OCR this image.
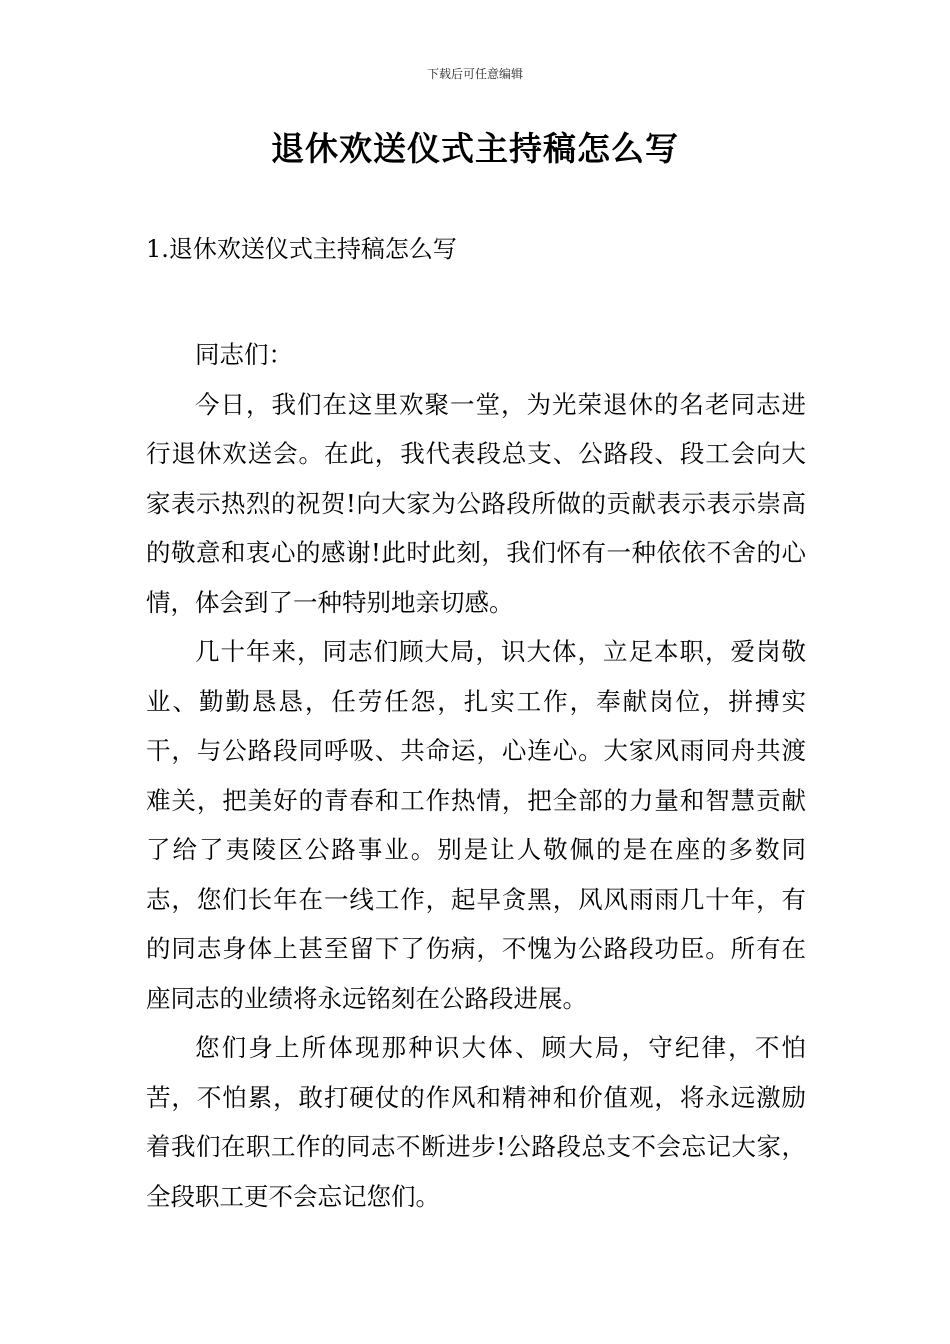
下载后可任意编辑
退休欢送仪式主持稿怎么写
1.退休欢送仪式主持稿怎么写

同志们：

今日，我们在这里欢聚一堂，为光荣退休的名老同志进行退休欢送会。在此，我代表段总支、公路段、段工会向大家表示热烈的祝贺!向大家为公路段所做的贡献表示表示崇高的敬意和衷心的感谢!此时此刻，我们怀有一种依依不舍的心情，体会到了一种特别地亲切感。

几十年来，同志们顾大局，识大体，立足本职，爱岗敬业、勤勤恳恳，任劳任怨，扎实工作，奉献岗位，拼搏实干，与公路段同呼吸、共命运，心连心。大家风雨同舟共渡难关，把美好的青春和工作热情，把全部的力量和智慧贡献了给了夷陵区公路事业。别是让人敬佩的是在座的多数同志，您们长年在一线工作，起早贪黑，风风雨雨几十年，有的同志身体上甚至留下了伤病，不愧为公路段功臣。所有在座同志的业绩将永远铭刻在公路段进展。

您们身上所体现那种识大体、顾大局，守纪律，不怕苦，不怕累，敢打硬仗的作风和精神和价值观，将永远激励着我们在职工作的同志不断进步!公路段总支不会忘记大家，全段职工更不会忘记您们。
